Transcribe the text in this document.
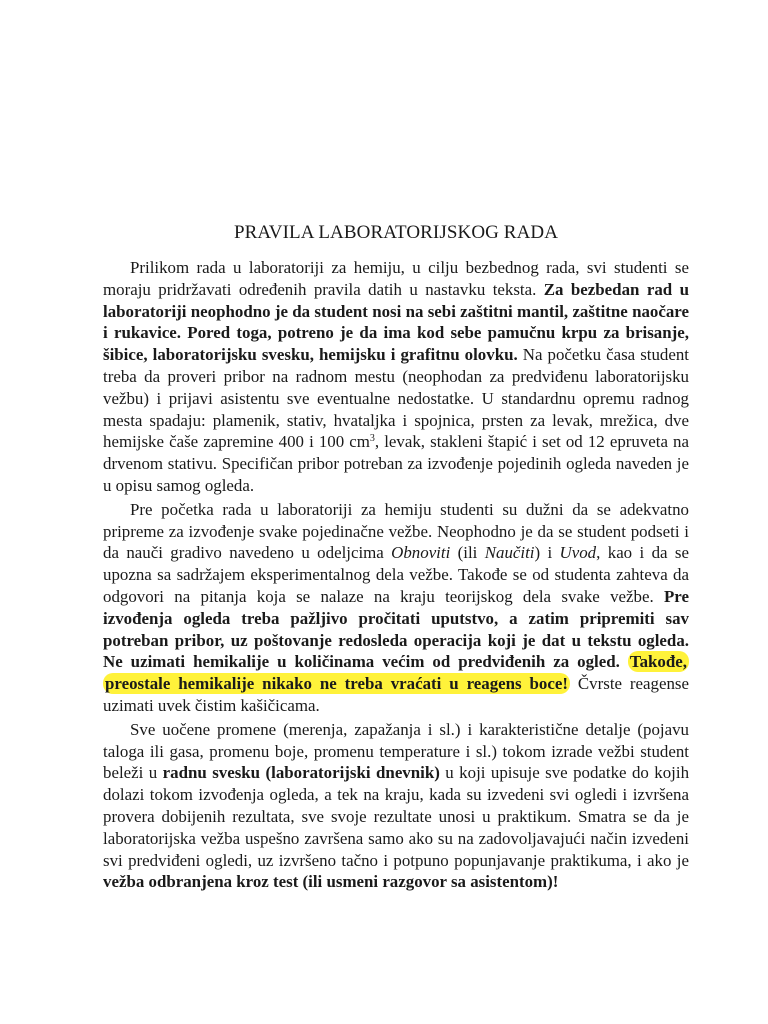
PRAVILA LABORATORIJSKOG RADA

Prilikom rada u laboratoriji za hemiju, u cilju bezbednog rada, svi studenti se moraju pridržavati određenih pravila datih u nastavku teksta. Za bezbedan rad u laboratoriji neophodno je da student nosi na sebi zaštitni mantil, zaštitne naočare i rukavice. Pored toga, potreno je da ima kod sebe pamučnu krpu za brisanje, šibice, laboratorijsku svesku, hemijsku i grafitnu olovku. Na početku časa student treba da proveri pribor na radnom mestu (neophodan za predviđenu laboratorijsku vežbu) i prijavi asistentu sve eventualne nedostatke. U standardnu opremu radnog mesta spadaju: plamenik, stativ, hvataljka i spojnica, prsten za levak, mrežica, dve hemijske čaše zapremine 400 i 100 $cm^3$, levak, stakleni štapić i set od 12 epruveta na drvenom stativu. Specifičan pribor potreban za izvođenje pojedinih ogleda naveden je u opisu samog ogleda.

Pre početka rada u laboratoriji za hemiju studenti su dužni da se adekvatno pripreme za izvođenje svake pojedinačne vežbe. Neophodno je da se student podseti i da nauči gradivo navedeno u odeljcima Obnoviti (ili Naučiti) i Uvod, kao i da se upozna sa sadržajem eksperimentalnog dela vežbe. Takođe se od studenta zahteva da odgovori na pitanja koja se nalaze na kraju teorijskog dela svake vežbe. Pre izvođenja ogleda treba pažljivo pročitati uputstvo, a zatim pripremiti sav potreban pribor, uz poštovanje redosleda operacija koji je dat u tekstu ogleda. Ne uzimati hemikalije u količinama većim od predviđenih za ogled. Takođe, preostale hemikalije nikako ne treba vraćati u reagens boce! Čvrste reagense uzimati uvek čistim kašičicama.

Sve uočene promene (merenja, zapažanja i sl.) i karakteristične detalje (pojavu taloga ili gasa, promenu boje, promenu temperature i sl.) tokom izrade vežbi student beleži u radnu svesku (laboratorijski dnevnik) u koji upisuje sve podatke do kojih dolazi tokom izvođenja ogleda, a tek na kraju, kada su izvedeni svi ogledi i izvršena provera dobijenih rezultata, sve svoje rezultate unosi u praktikum. Smatra se da je laboratorijska vežba uspešno završena samo ako su na zadovoljavajući način izvedeni svi predviđeni ogledi, uz izvršeno tačno i potpuno popunjavanje praktikuma, i ako je vežba odbranjena kroz test (ili usmeni razgovor sa asistentom)!
